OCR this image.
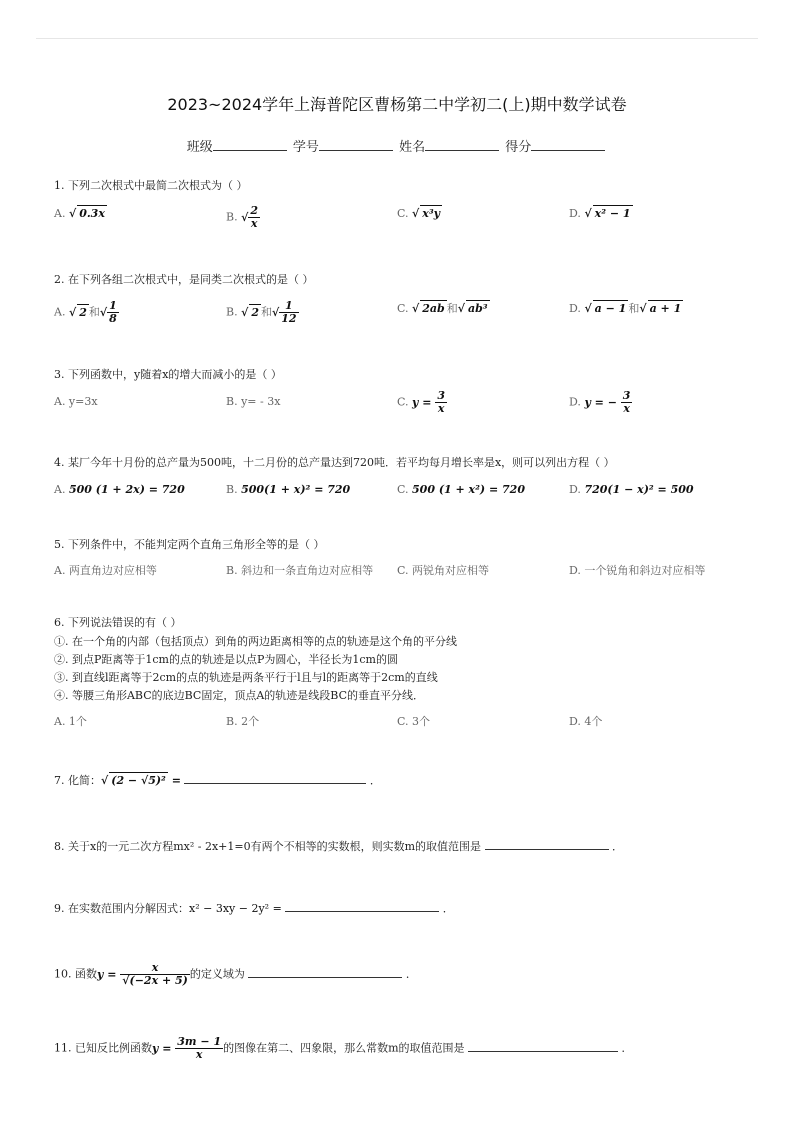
2023~2024学年上海普陀区曹杨第二中学初二(上)期中数学试卷
班级	学号	姓名	得分
1. 下列二次根式中最简二次根式为（ ）
A. √ 0.3x	B. √ $\frac{2}{x}$	C. √ x³y	D. √ x² − 1
2. 在下列各组二次根式中，是同类二次根式的是（ ）
A. √ 2 和√ $\frac{1}{8}$	B. √ 2 和√ $\frac{1}{12}$	C. √ 2ab 和√ ab³	D. √ a − 1 和√ a + 1
3. 下列函数中，y随着x的增大而减小的是（ ）
A. y=3x	B. y= - 3x	C. $y = \frac{3}{x}$	D. y = − $\frac{3}{x}$
4. 某厂今年十月份的总产量为500吨，十二月份的总产量达到720吨．若平均每月增长率是x，则可以列出方程（ ）
A. 500 (1 + 2x) = 720	B. 500(1 + x)² = 720	C. 500 (1 + x²) = 720	D. 720(1 − x)² = 500
5. 下列条件中，不能判定两个直角三角形全等的是（ ）
A. 两直角边对应相等	B. 斜边和一条直角边对应相等 C. 两锐角对应相等	D. 一个锐角和斜边对应相等
6. 下列说法错误的有（ ）
①. 在一个角的内部（包括顶点）到角的两边距离相等的点的轨迹是这个角的平分线
②. 到点P距离等于1cm的点的轨迹是以点P为圆心，半径长为1cm的圆
③. 到直线l距离等于2cm的点的轨迹是两条平行于l且与l的距离等于2cm的直线
④. 等腰三角形ABC的底边BC固定，顶点A的轨迹是线段BC的垂直平分线．
A. 1个	B. 2个	C. 3个	D. 4个
7. 化简：√ (2 − √5)² =	．
8. 关于x的一元二次方程mx² - 2x+1=0有两个不相等的实数根，则实数m的取值范围是	．
9. 在实数范围内分解因式：x² − 3xy − 2y² =	．
10. 函数$y = \frac{x}{√(-2x + 5)}$ 的定义域为	．
11. 已知反比例函数$y = \frac{3m - 1}{x}$ 的图像在第二、四象限，那么常数m的取值范围是	．
